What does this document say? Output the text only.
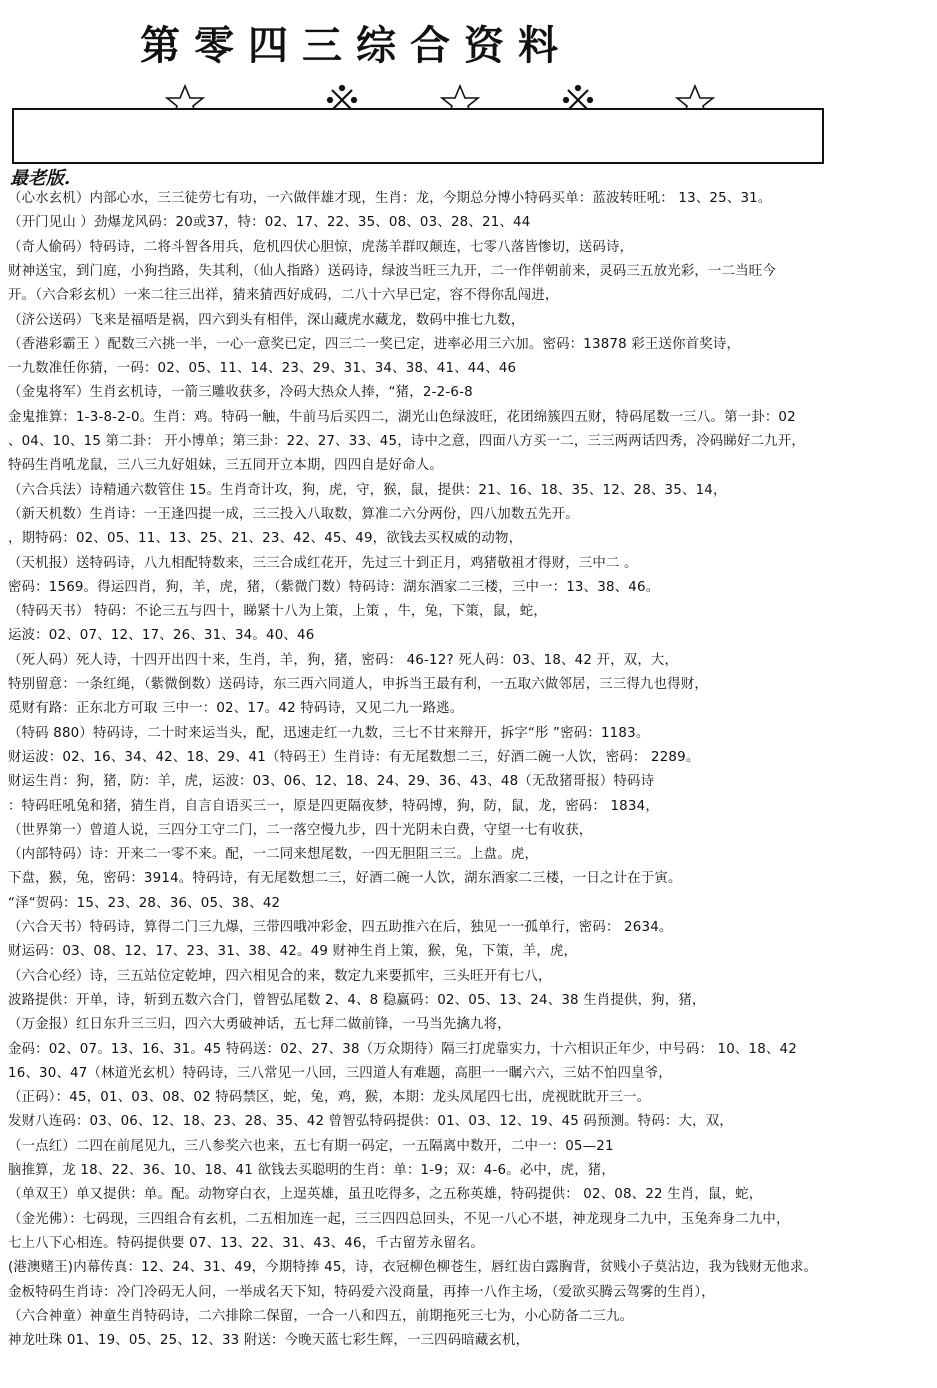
第零四三综合资料
最老版.
（心水玄机）内部心水，三三徒劳七有功，一六做伴雄才现，生肖：龙，今期总分博小特码买单：蓝波转旺吼： 13、25、31。
（开门见山 ）劲爆龙风码：20或37，特：02、17、22、35、08、03、28、21、44
（奇人偷码）特码诗，二将斗智各用兵，危机四伏心胆惊，虎荡羊群叹颠连，七零八落皆惨切，送码诗，
财神送宝，到门庭，小狗挡路，失其利，（仙人指路）送码诗，绿波当旺三九开，二一作伴朝前来，灵码三五放光彩，一二当旺今
开。（六合彩玄机）一来二往三出祥，猜来猜西好成码，二八十六早已定，容不得你乱闯进，
（济公送码）飞来是福唔是祸，四六到头有相伴，深山藏虎水藏龙，数码中推七九数，
（香港彩霸王 ）配数三六挑一半，一心一意奖已定，四三二一奖已定，进率必用三六加。密码：13878 彩王送你首奖诗，
一九数准任你猜，一码：02、05、11、14、23、29、31、34、38、41、44、46
（金鬼将军）生肖玄机诗，一箭三雕收获多，冷码大热众人捧，“猪，2-2-6-8
金鬼推算：1-3-8-2-0。生肖：鸡。特码一触，牛前马后买四二，湖光山色绿波旺，花团绵簇四五财，特码尾数一三八。第一卦：02
、04、10、15 第二卦： 开小博单；第三卦：22、27、33、45，诗中之意，四面八方买一二，三三两两话四秀，冷码睇好二九开，
特码生肖吼龙鼠，三八三九好姐妹，三五同开立本期，四四自是好命人。
（六合兵法）诗精通六数管住 15。生肖奇计攻，狗，虎，守，猴，鼠，提供：21、16、18、35、12、28、35、14，
（新天机数）生肖诗：一王逢四提一成，三三投入八取数，算准二六分两份，四八加数五先开。
，期特码：02、05、11、13、25、21、23、42、45、49，欲钱去买权威的动物，
（天机报）送特码诗，八九相配特数来，三三合成红花开，先过三十到正月，鸡猪敬祖才得财，三中二 。
密码：1569。得运四肖，狗，羊，虎，猪，（紫微门数）特码诗：湖东酒家二三楼，三中一：13、38、46。
（特码天书） 特码：不论三五与四十，睇紧十八为上策，上策 ，牛，兔，下策，鼠，蛇，
运波：02、07、12、17、26、31、34。40、46
（死人码）死人诗，十四开出四十来，生肖，羊，狗，猪，密码： 46-12? 死人码：03、18、42 开，双，大，
特别留意：一条红绳，（紫微倒数）送码诗，东三西六同道人，申拆当王最有利，一五取六做邻居，三三得九也得财，
觅财有路：正东北方可取 三中一：02、17。42 特码诗，又见二九一路逃。
（特码 880）特码诗，二十时来运当头，配，迅速走红一九数，三七不甘来辩开，拆字“彤 ”密码：1183。
财运波：02、16、34、42、18、29、41（特码王）生肖诗：有无尾数想二三，好酒二碗一人饮，密码： 2289。
财运生肖：狗，猪，防：羊，虎，运波：03、06、12、18、24、29、36、43、48（无敌猪哥报）特码诗
：特码旺吼兔和猪，猜生肖，自言自语买三一，原是四更隔夜梦，特码博，狗，防，鼠，龙，密码： 1834，
（世界第一）曾道人说，三四分工守二门，二一落空慢九步，四十光阴未白费，守望一七有收获，
（内部特码）诗：开来二一零不来。配，一二同来想尾数，一四无胆阻三三。上盘。虎，
下盘，猴，兔，密码：3914。特码诗，有无尾数想二三，好酒二碗一人饮，湖东酒家二三楼，一日之计在于寅。
“泽“贺码：15、23、28、36、05、38、42
（六合天书）特码诗，算得二门三九爆，三带四哦冲彩金，四五助推六在后，独见一一孤单行，密码： 2634。
财运码：03、08、12、17、23、31、38、42。49 财神生肖上策，猴，兔，下策，羊，虎，
（六合心经）诗，三五站位定乾坤，四六相见合的来，数定九来要抓牢，三头旺开有七八，
波路提供：开单，诗，斩到五数六合门，曾智弘尾数 2、4、8 稳赢码：02、05、13、24、38 生肖提供，狗，猪，
（万金报）红日东升三三归，四六大勇破神话，五七拜二做前锋，一马当先擒九将，
金码：02、07。13、16、31。45 特码送：02、27、38（万众期待）隔三打虎靠实力，十六相识正年少，中号码： 10、18、42
16、30、47（林道光玄机）特码诗，三八常见一八回，三四道人有难题，高胆一一瞩六六，三姑不怕四皇爷，
（正码）：45，01、03、08、02 特码禁区，蛇，兔，鸡，猴，本期：龙头凤尾四七出，虎视眈眈开三一。
发财八连码：03、06、12、18、23、28、35、42 曾智弘特码提供：01、03、12、19、45 码预测。特码：大，双，
（一点红）二四在前尾见九，三八参奖六也来，五七有期一码定，一五隔离中数开，二中一：05—21
脑推算，龙 18、22、36、10、18、41 欲钱去买聪明的生肖：单：1-9；双：4-6。必中，虎，猪，
（单双王）单又提供：单。配。动物穿白衣，上逞英雄，虽丑吃得多，之五称英雄，特码提供： 02、08、22 生肖，鼠，蛇，
（金光佛）：七码现，三四组合有玄机，二五相加连一起，三三四四总回头，不见一八心不堪，神龙现身二九中，玉兔奔身二九中，
七上八下心相连。特码提供要 07、13、22、31、43、46，千古留芳永留名。
(港澳赌王)内幕传真：12、24、31、49，今期特捧 45，诗，衣冠柳色柳苍生，唇红齿白露胸背，贫贱小子莫沾边，我为钱财无他求。
金板特码生肖诗：冷门冷码无人问，一举成名天下知，特码爱六没商量，再捧一八作主场，（爱欲买腾云驾雾的生肖），
（六合神童）神童生肖特码诗，二六排除二保留，一合一八和四五，前期拖死三七为，小心防备二三九。
神龙吐珠 01、19、05、25、12、33 附送：今晚天蓝七彩生辉，一三四码暗藏玄机，
